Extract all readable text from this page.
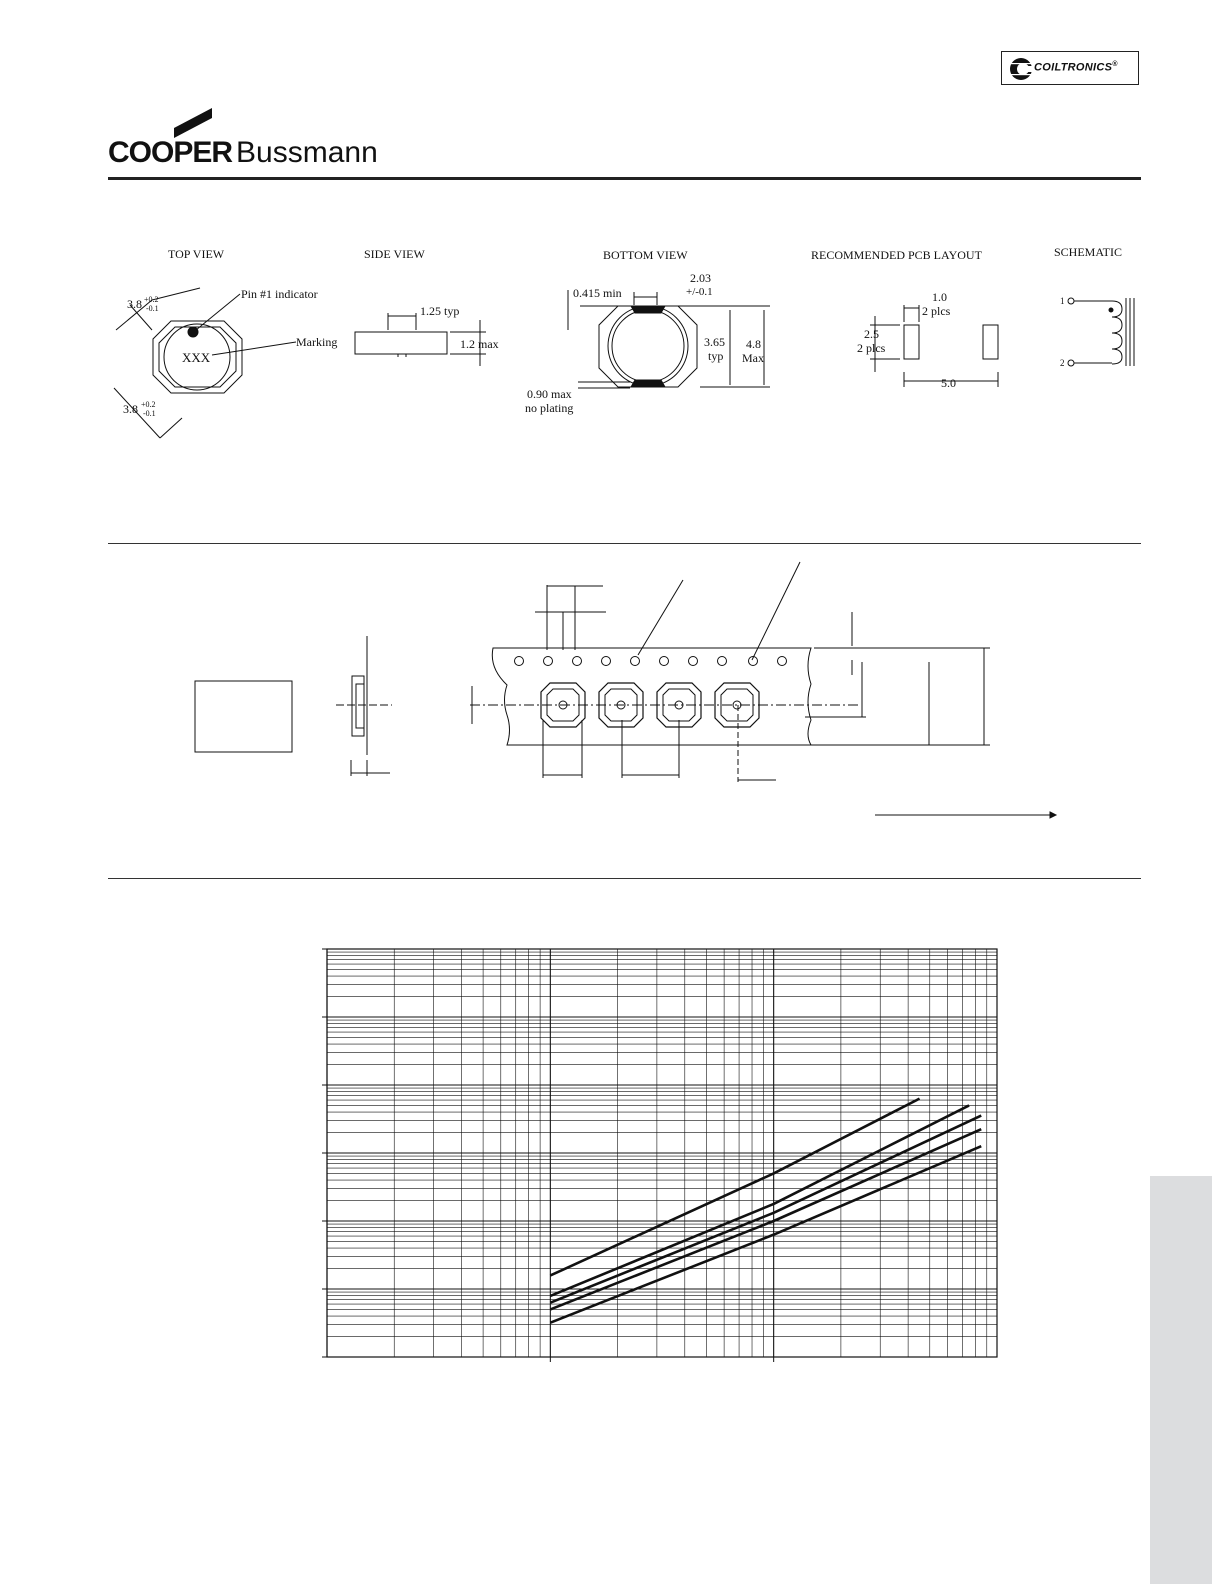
COOPER Bussmann
COILTRONICS®
TOP VIEW	SIDE VIEW	BOTTOM VIEW	RECOMMENDED PCB LAYOUT	SCHEMATIC
3.8 +0.2
-0.1
3.8 +0.2
-0.1
Pin #1 indicator
Marking
XXX
1.25 typ
1.2 max
0.415 min
2.03
+/-0.1
3.65
typ
4.8
Max
0.90 max
no plating
1.0
2 plcs
2.5
2 plcs
5.0
1
2
